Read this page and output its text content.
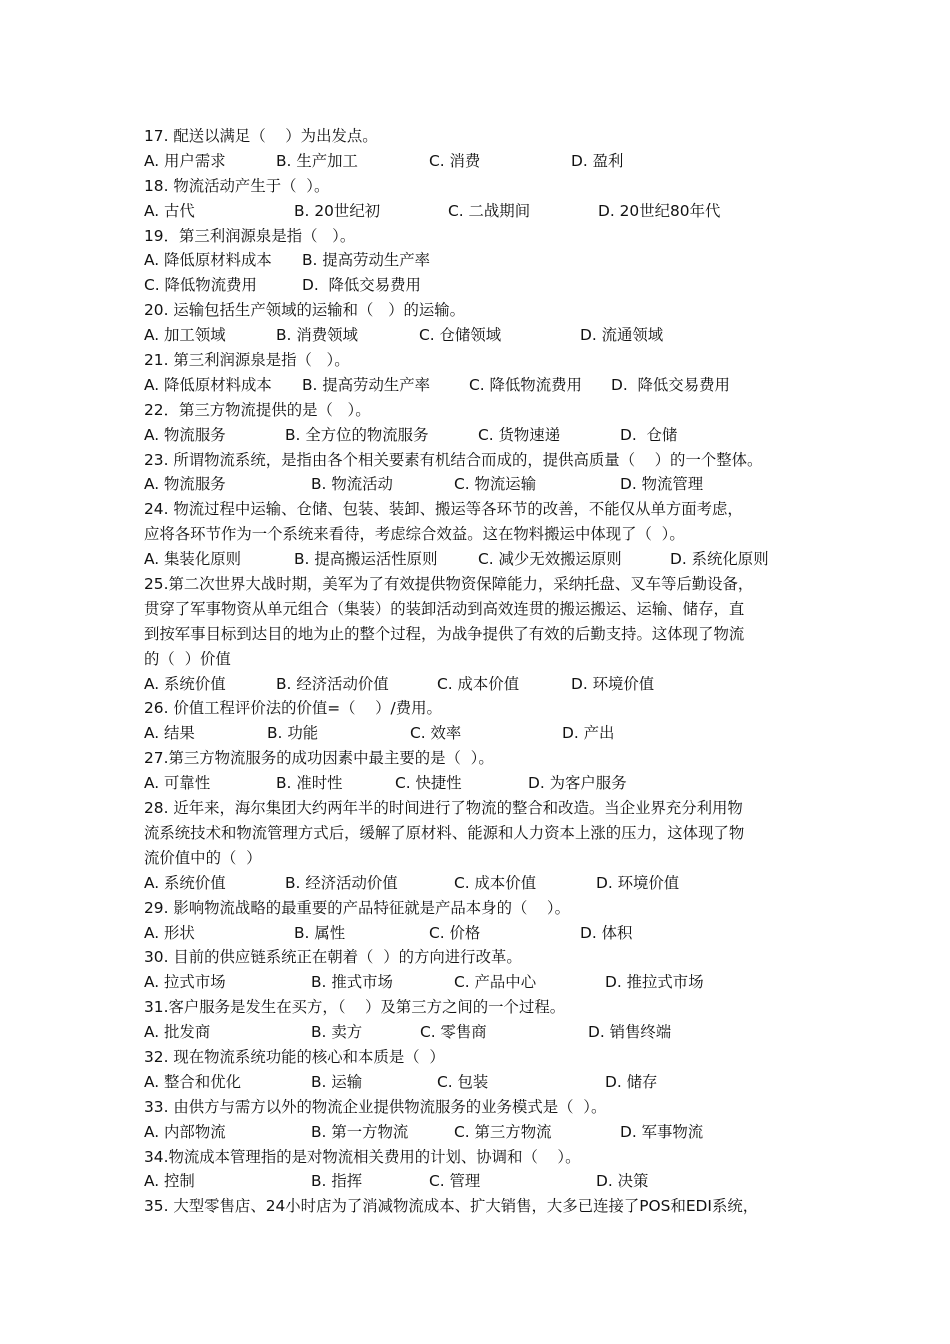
17. 配送以满足（    ）为出发点。
A. 用户需求	B. 生产加工	C. 消费	D. 盈利
18. 物流活动产生于（  ）。
A. 古代	B. 20世纪初	C. 二战期间	D. 20世纪80年代
19．第三利润源泉是指（   ）。
A. 降低原材料成本 B. 提高劳动生产率
C. 降低物流费用	D.  降低交易费用
20. 运输包括生产领域的运输和（   ）的运输。
A. 加工领域	B. 消费领域	C. 仓储领域	D. 流通领域
21. 第三利润源泉是指（   ）。
A. 降低原材料成本 B. 提高劳动生产率	C. 降低物流费用 D.  降低交易费用
22．第三方物流提供的是（   ）。
A. 物流服务	B. 全方位的物流服务	C. 货物速递	D.  仓储
23. 所谓物流系统，是指由各个相关要素有机结合而成的，提供高质量（    ）的一个整体。
A. 物流服务	B. 物流活动	C. 物流运输	D. 物流管理
24. 物流过程中运输、仓储、包装、装卸、搬运等各环节的改善，不能仅从单方面考虑，
应将各环节作为一个系统来看待，考虑综合效益。这在物料搬运中体现了（  ）。
A. 集装化原则	B. 提高搬运活性原则	C. 减少无效搬运原则	D. 系统化原则
25.第二次世界大战时期，美军为了有效提供物资保障能力，采纳托盘、叉车等后勤设备，
贯穿了军事物资从单元组合（集装）的装卸活动到高效连贯的搬运搬运、运输、储存，直
到按军事目标到达目的地为止的整个过程，为战争提供了有效的后勤支持。这体现了物流
的（  ）价值
A. 系统价值	B. 经济活动价值	C. 成本价值	D. 环境价值
26. 价值工程评价法的价值=（    ）/费用。
A. 结果	B. 功能	C. 效率	D. 产出
27.第三方物流服务的成功因素中最主要的是（  ）。
A. 可靠性	B. 准时性	C. 快捷性	D. 为客户服务
28. 近年来，海尔集团大约两年半的时间进行了物流的整合和改造。当企业界充分利用物
流系统技术和物流管理方式后，缓解了原材料、能源和人力资本上涨的压力，这体现了物
流价值中的（  ）
A. 系统价值	B. 经济活动价值	C. 成本价值	D. 环境价值
29. 影响物流战略的最重要的产品特征就是产品本身的（    ）。
A. 形状	B. 属性	C. 价格	D. 体积
30. 目前的供应链系统正在朝着（  ）的方向进行改革。
A. 拉式市场	B. 推式市场	C. 产品中心	D. 推拉式市场
31.客户服务是发生在买方，（    ）及第三方之间的一个过程。
A. 批发商	B. 卖方	C. 零售商	D. 销售终端
32. 现在物流系统功能的核心和本质是（  ）
A. 整合和优化	B. 运输	C. 包装	D. 储存
33. 由供方与需方以外的物流企业提供物流服务的业务模式是（  ）。
A. 内部物流	B. 第一方物流	C. 第三方物流	D. 军事物流
34.物流成本管理指的是对物流相关费用的计划、协调和（    ）。
A. 控制	B. 指挥	C. 管理	D. 决策
35. 大型零售店、24小时店为了消减物流成本、扩大销售，大多已连接了POS和EDI系统，
